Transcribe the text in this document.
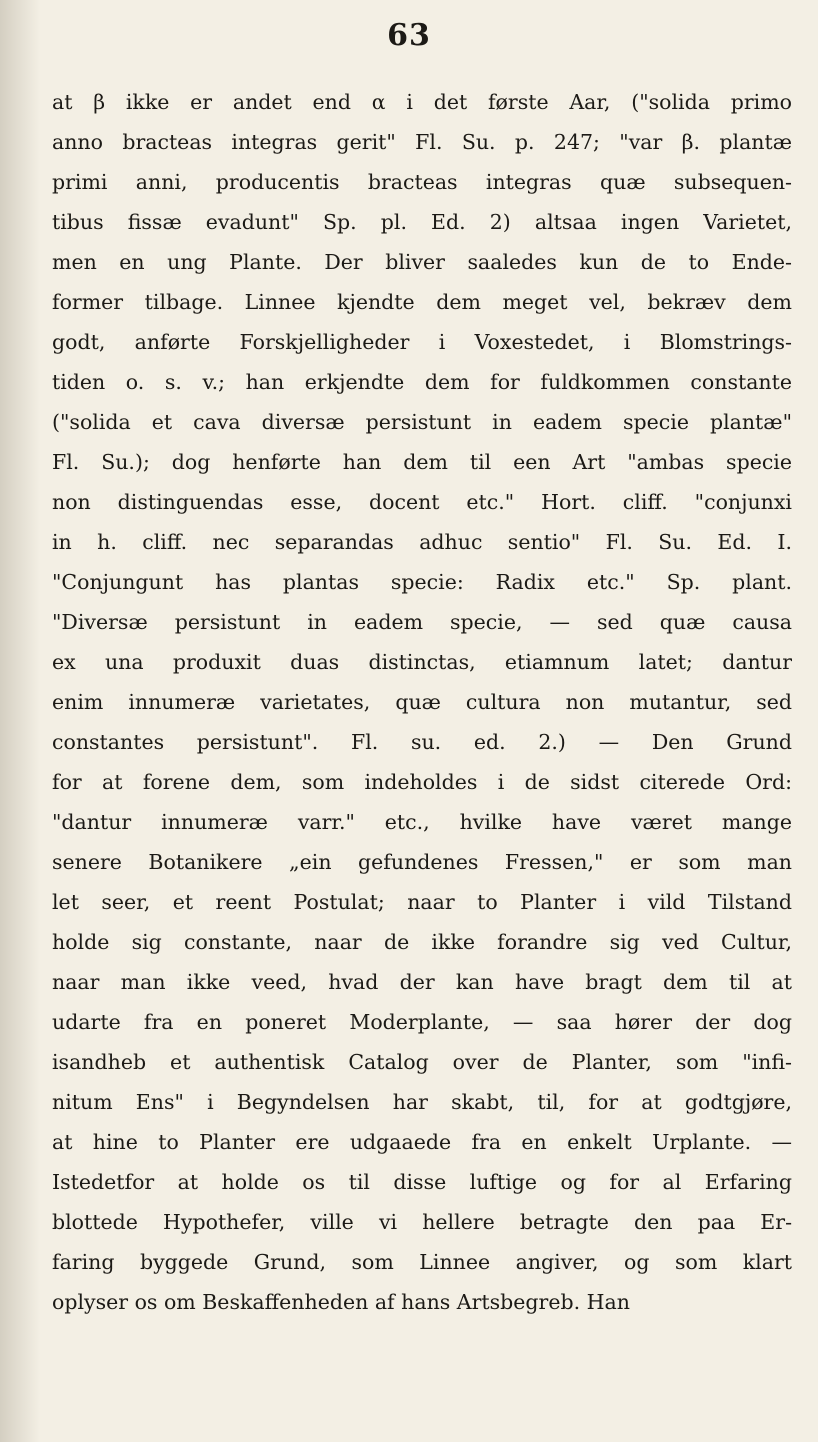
63
at β ikke er andet end α i det første Aar, ("solida primo
anno bracteas integras gerit" Fl. Su. p. 247; "var β. plantæ
primi anni, producentis bracteas integras quæ subsequen-
tibus fissæ evadunt" Sp. pl. Ed. 2) altsaa ingen Varietet,
men en ung Plante. Der bliver saaledes kun de to Ende-
former tilbage. Linnee kjendte dem meget vel, bekræv dem
godt, anførte Forskjelligheder i Voxestedet, i Blomstrings-
tiden o. s. v.; han erkjendte dem for fuldkommen constante
("solida et cava diversæ persistunt in eadem specie plantæ"
Fl. Su.); dog henførte han dem til een Art "ambas specie
non distinguendas esse, docent etc." Hort. cliff. "conjunxi
in h. cliff. nec separandas adhuc sentio" Fl. Su. Ed. I.
"Conjungunt has plantas specie: Radix etc." Sp. plant.
"Diversæ persistunt in eadem specie, — sed quæ causa
ex una produxit duas distinctas, etiamnum latet; dantur
enim innumeræ varietates, quæ cultura non mutantur, sed
constantes persistunt". Fl. su. ed. 2.) — Den Grund
for at forene dem, som indeholdes i de sidst citerede Ord:
"dantur innumeræ varr." etc., hvilke have været mange
senere Botanikere „ein gefundenes Fressen," er som man
let seer, et reent Postulat; naar to Planter i vild Tilstand
holde sig constante, naar de ikke forandre sig ved Cultur,
naar man ikke veed, hvad der kan have bragt dem til at
udarte fra en poneret Moderplante, — saa hører der dog
isandheb et authentisk Catalog over de Planter, som "infi-
nitum Ens" i Begyndelsen har skabt, til, for at godtgjøre,
at hine to Planter ere udgaaede fra en enkelt Urplante. —
Istedetfor at holde os til disse luftige og for al Erfaring
blottede Hypothefer, ville vi hellere betragte den paa Er-
faring byggede Grund, som Linnee angiver, og som klart
oplyser os om Beskaffenheden af hans Artsbegreb. Han
